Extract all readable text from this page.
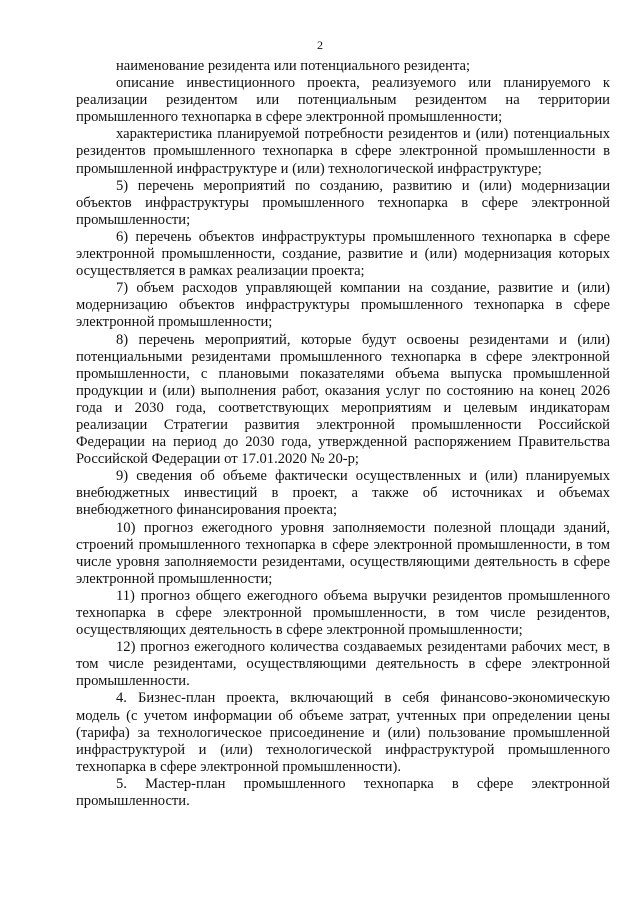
2

наименование резидента или потенциального резидента;

описание инвестиционного проекта, реализуемого или планируемого к реализации резидентом или потенциальным резидентом на территории промышленного технопарка в сфере электронной промышленности;

характеристика планируемой потребности резидентов и (или) потенциальных резидентов промышленного технопарка в сфере электронной промышленности в промышленной инфраструктуре и (или) технологической инфраструктуре;

5) перечень мероприятий по созданию, развитию и (или) модернизации объектов инфраструктуры промышленного технопарка в сфере электронной промышленности;

6) перечень объектов инфраструктуры промышленного технопарка в сфере электронной промышленности, создание, развитие и (или) модернизация которых осуществляется в рамках реализации проекта;

7) объем расходов управляющей компании на создание, развитие и (или) модернизацию объектов инфраструктуры промышленного технопарка в сфере электронной промышленности;

8) перечень мероприятий, которые будут освоены резидентами и (или) потенциальными резидентами промышленного технопарка в сфере электронной промышленности, с плановыми показателями объема выпуска промышленной продукции и (или) выполнения работ, оказания услуг по состоянию на конец 2026 года и 2030 года, соответствующих мероприятиям и целевым индикаторам реализации Стратегии развития электронной промышленности Российской Федерации на период до 2030 года, утвержденной распоряжением Правительства Российской Федерации от 17.01.2020 № 20-р;

9) сведения об объеме фактически осуществленных и (или) планируемых внебюджетных инвестиций в проект, а также об источниках и объемах внебюджетного финансирования проекта;

10) прогноз ежегодного уровня заполняемости полезной площади зданий, строений промышленного технопарка в сфере электронной промышленности, в том числе уровня заполняемости резидентами, осуществляющими деятельность в сфере электронной промышленности;

11) прогноз общего ежегодного объема выручки резидентов промышленного технопарка в сфере электронной промышленности, в том числе резидентов, осуществляющих деятельность в сфере электронной промышленности;

12) прогноз ежегодного количества создаваемых резидентами рабочих мест, в том числе резидентами, осуществляющими деятельность в сфере электронной промышленности.

4. Бизнес-план проекта, включающий в себя финансово-экономическую модель (с учетом информации об объеме затрат, учтенных при определении цены (тарифа) за технологическое присоединение и (или) пользование промышленной инфраструктурой и (или) технологической инфраструктурой промышленного технопарка в сфере электронной промышленности).

5. Мастер-план промышленного технопарка в сфере электронной промышленности.
